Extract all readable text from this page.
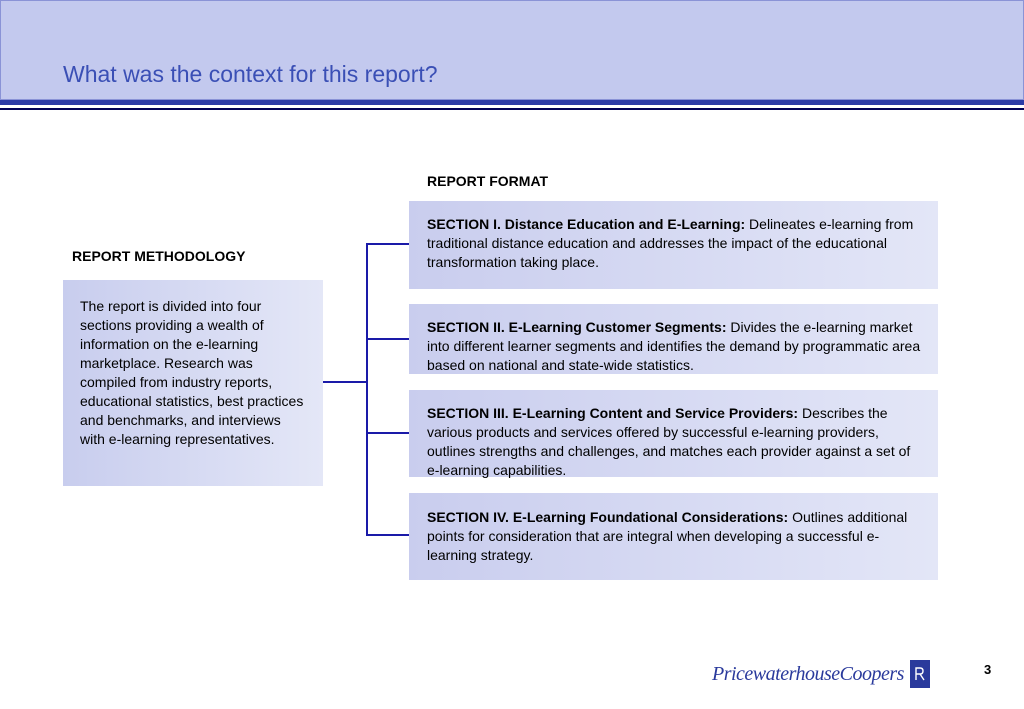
What was the context for this report?
REPORT METHODOLOGY
The report is divided into four sections providing a wealth of information on the e-learning marketplace. Research was compiled from industry reports, educational statistics, best practices and benchmarks, and interviews with e-learning representatives.
REPORT FORMAT
SECTION I. Distance Education and E-Learning: Delineates e-learning from traditional distance education and addresses the impact of the educational transformation taking place.
SECTION II. E-Learning Customer Segments: Divides the e-learning market into different learner segments and identifies the demand by programmatic area based on national and state-wide statistics.
SECTION III. E-Learning Content and Service Providers: Describes the various products and services offered by successful e-learning providers, outlines strengths and challenges, and matches each provider against a set of e-learning capabilities.
SECTION IV. E-Learning Foundational Considerations: Outlines additional points for consideration that are integral when developing a successful e-learning strategy.
PricewaterhouseCoopers	3
